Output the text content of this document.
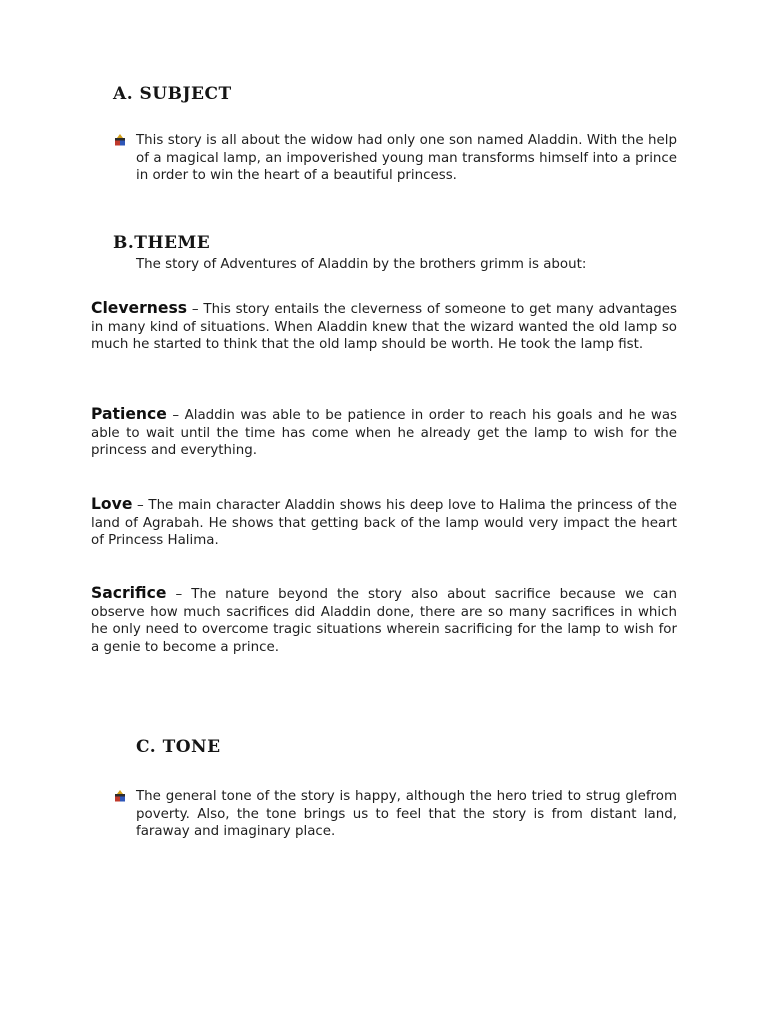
A. SUBJECT

This story is all about the widow had only one son named Aladdin. With the help of a magical lamp, an impoverished young man transforms himself into a prince in order to win the heart of a beautiful princess.

B.THEME

The story of Adventures of Aladdin by the brothers grimm is about:

Cleverness – This story entails the cleverness of someone to get many advantages in many kind of situations. When Aladdin knew that the wizard wanted the old lamp so much he started to think that the old lamp should be worth. He took the lamp fist.

Patience – Aladdin was able to be patience in order to reach his goals and he was able to wait until the time has come when he already get the lamp to wish for the princess and everything.

Love – The main character Aladdin shows his deep love to Halima the princess of the land of Agrabah. He shows that getting back of the lamp would very impact the heart of Princess Halima.

Sacrifice – The nature beyond the story also about sacrifice because we can observe how much sacrifices did Aladdin done, there are so many sacrifices in which he only need to overcome tragic situations wherein sacrificing for the lamp to wish for a genie to become a prince.

C. TONE

The general tone of the story is happy, although the hero tried to strug glefrom poverty. Also, the tone brings us to feel that the story is from distant land, faraway and imaginary place.
